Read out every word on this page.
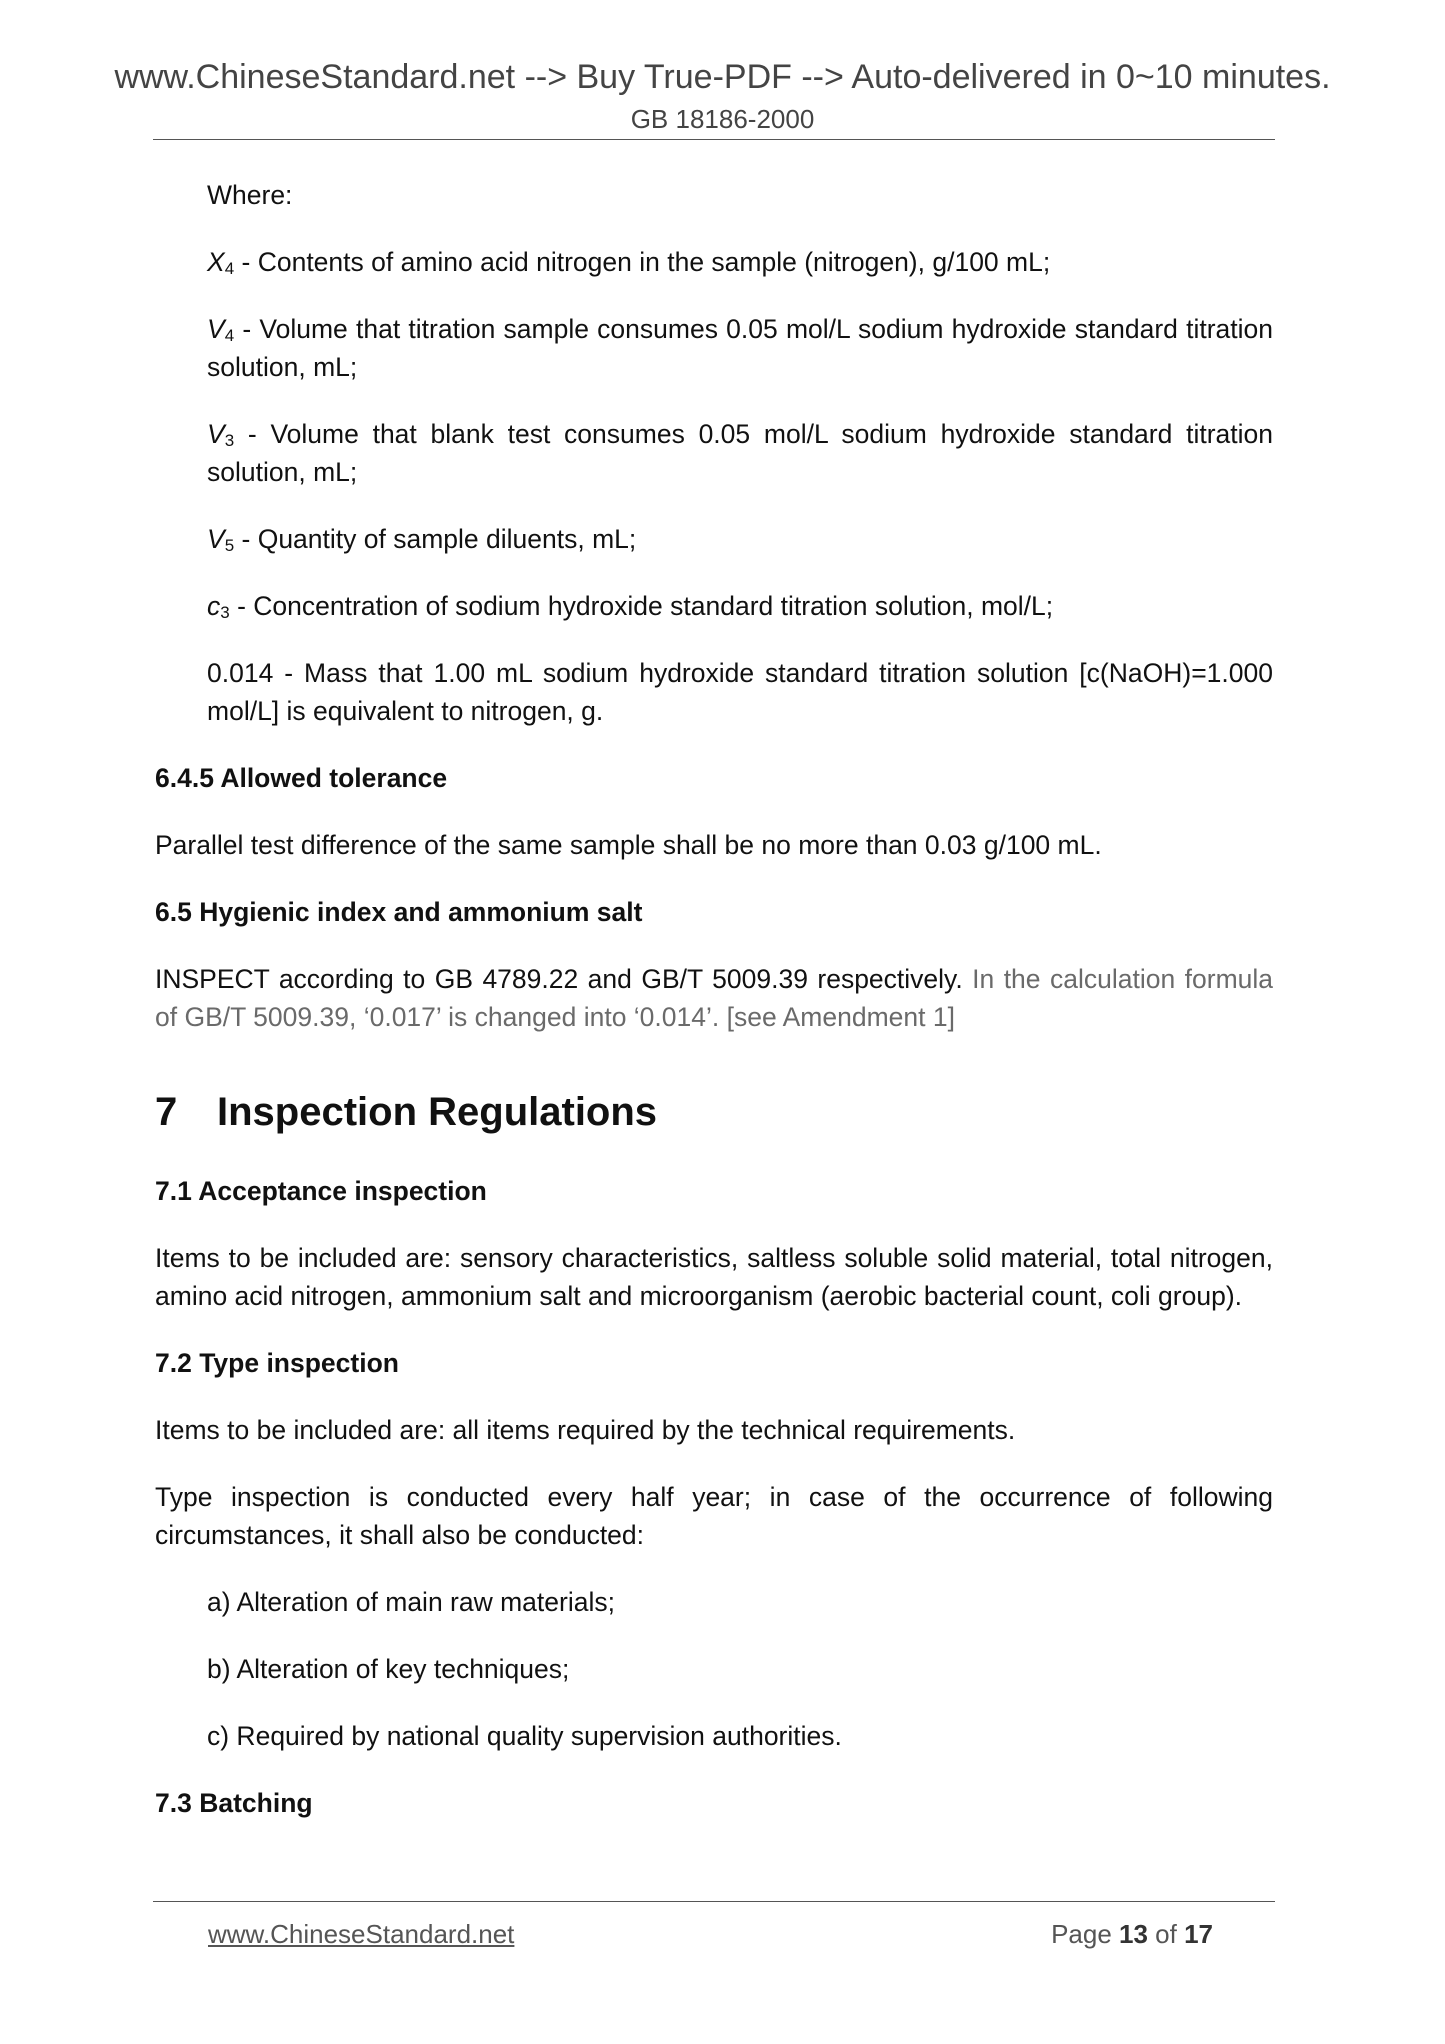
www.ChineseStandard.net --> Buy True-PDF --> Auto-delivered in 0~10 minutes.
GB 18186-2000

Where:

$X_4$ - Contents of amino acid nitrogen in the sample (nitrogen), g/100 mL;

$V_4$ - Volume that titration sample consumes 0.05 mol/L sodium hydroxide standard titration solution, mL;

$V_3$ - Volume that blank test consumes 0.05 mol/L sodium hydroxide standard titration solution, mL;

$V_5$ - Quantity of sample diluents, mL;

$c_3$ - Concentration of sodium hydroxide standard titration solution, mol/L;

0.014 - Mass that 1.00 mL sodium hydroxide standard titration solution [c(NaOH)=1.000 mol/L] is equivalent to nitrogen, g.

6.4.5 Allowed tolerance

Parallel test difference of the same sample shall be no more than 0.03 g/100 mL.

6.5 Hygienic index and ammonium salt

INSPECT according to GB 4789.22 and GB/T 5009.39 respectively. In the calculation formula of GB/T 5009.39, ‘0.017’ is changed into ‘0.014’. [see Amendment 1]

7 Inspection Regulations

7.1 Acceptance inspection

Items to be included are: sensory characteristics, saltless soluble solid material, total nitrogen, amino acid nitrogen, ammonium salt and microorganism (aerobic bacterial count, coli group).

7.2 Type inspection

Items to be included are: all items required by the technical requirements.

Type inspection is conducted every half year; in case of the occurrence of following circumstances, it shall also be conducted:

a) Alteration of main raw materials;

b) Alteration of key techniques;

c) Required by national quality supervision authorities.

7.3 Batching

www.ChineseStandard.net	Page 13 of 17
